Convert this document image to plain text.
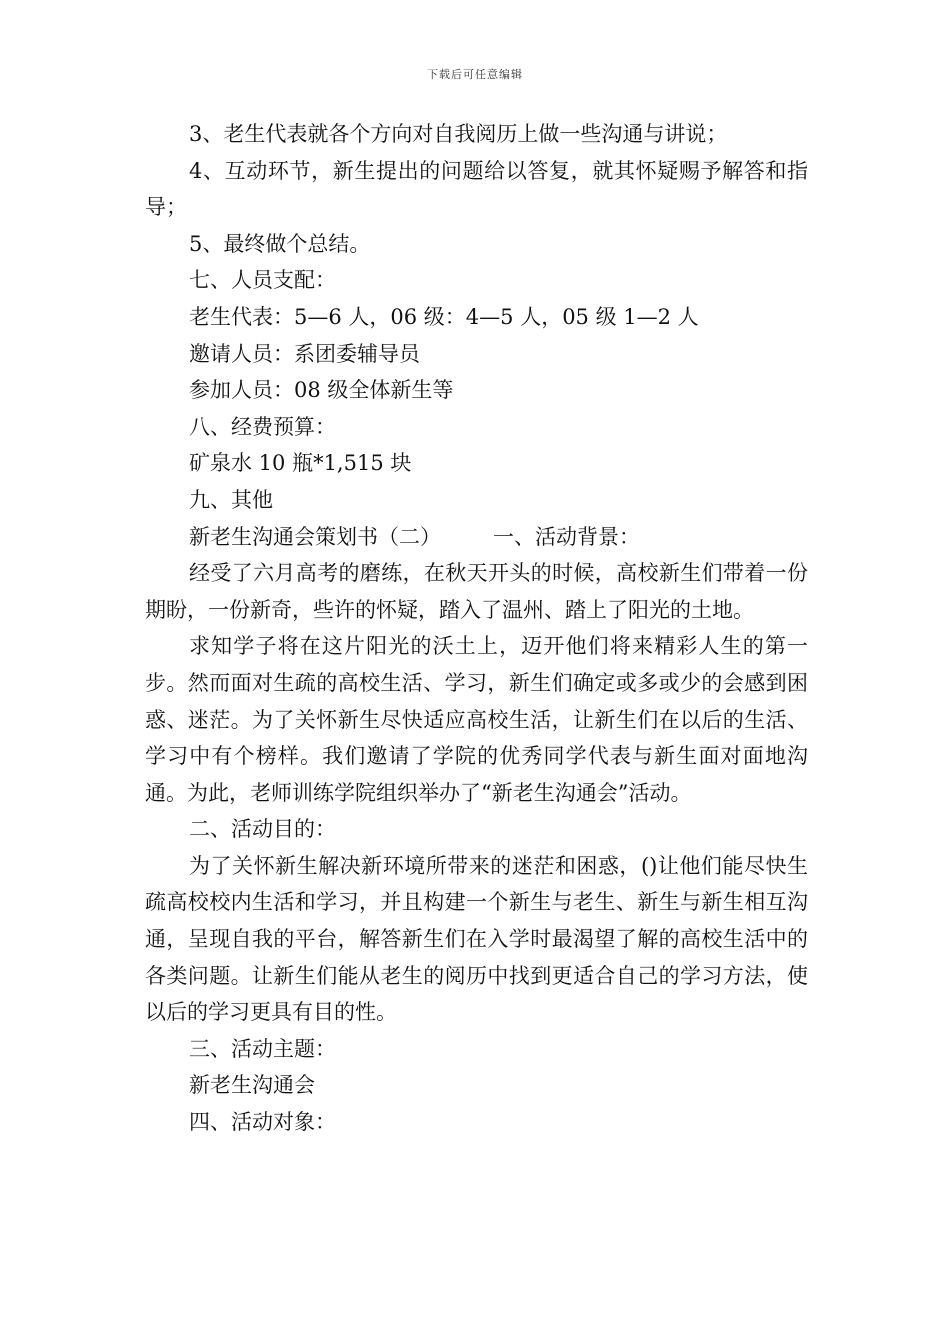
下载后可任意编辑

3、老生代表就各个方向对自我阅历上做一些沟通与讲说；

4、互动环节，新生提出的问题给以答复，就其怀疑赐予解答和指导；

5、最终做个总结。

七、人员支配：

老生代表：5—6 人，06 级：4—5 人，05 级 1—2 人

邀请人员：系团委辅导员

参加人员：08 级全体新生等

八、经费预算：

矿泉水 10 瓶*1,515 块

九、其他

新老生沟通会策划书（二） 一、活动背景：

经受了六月高考的磨练，在秋天开头的时候，高校新生们带着一份期盼，一份新奇，些许的怀疑，踏入了温州、踏上了阳光的土地。

求知学子将在这片阳光的沃土上，迈开他们将来精彩人生的第一步。然而面对生疏的高校生活、学习，新生们确定或多或少的会感到困惑、迷茫。为了关怀新生尽快适应高校生活，让新生们在以后的生活、学习中有个榜样。我们邀请了学院的优秀同学代表与新生面对面地沟通。为此，老师训练学院组织举办了“新老生沟通会”活动。

二、活动目的：

为了关怀新生解决新环境所带来的迷茫和困惑，()让他们能尽快生疏高校校内生活和学习，并且构建一个新生与老生、新生与新生相互沟通，呈现自我的平台，解答新生们在入学时最渴望了解的高校生活中的各类问题。让新生们能从老生的阅历中找到更适合自己的学习方法，使以后的学习更具有目的性。

三、活动主题：

新老生沟通会

四、活动对象：
